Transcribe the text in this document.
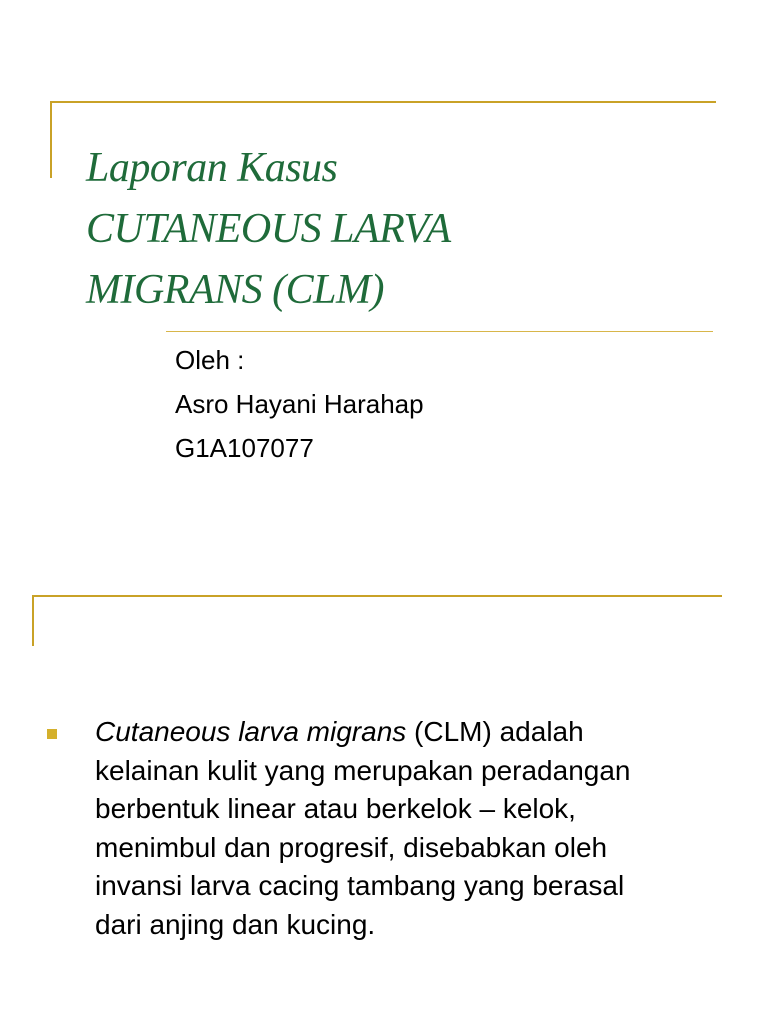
Laporan Kasus
CUTANEOUS LARVA
MIGRANS (CLM)
Oleh :
Asro Hayani Harahap
G1A107077
Cutaneous larva migrans (CLM) adalah
kelainan kulit yang merupakan peradangan
berbentuk linear atau berkelok – kelok,
menimbul dan progresif, disebabkan oleh
invansi larva cacing tambang yang berasal
dari anjing dan kucing.
